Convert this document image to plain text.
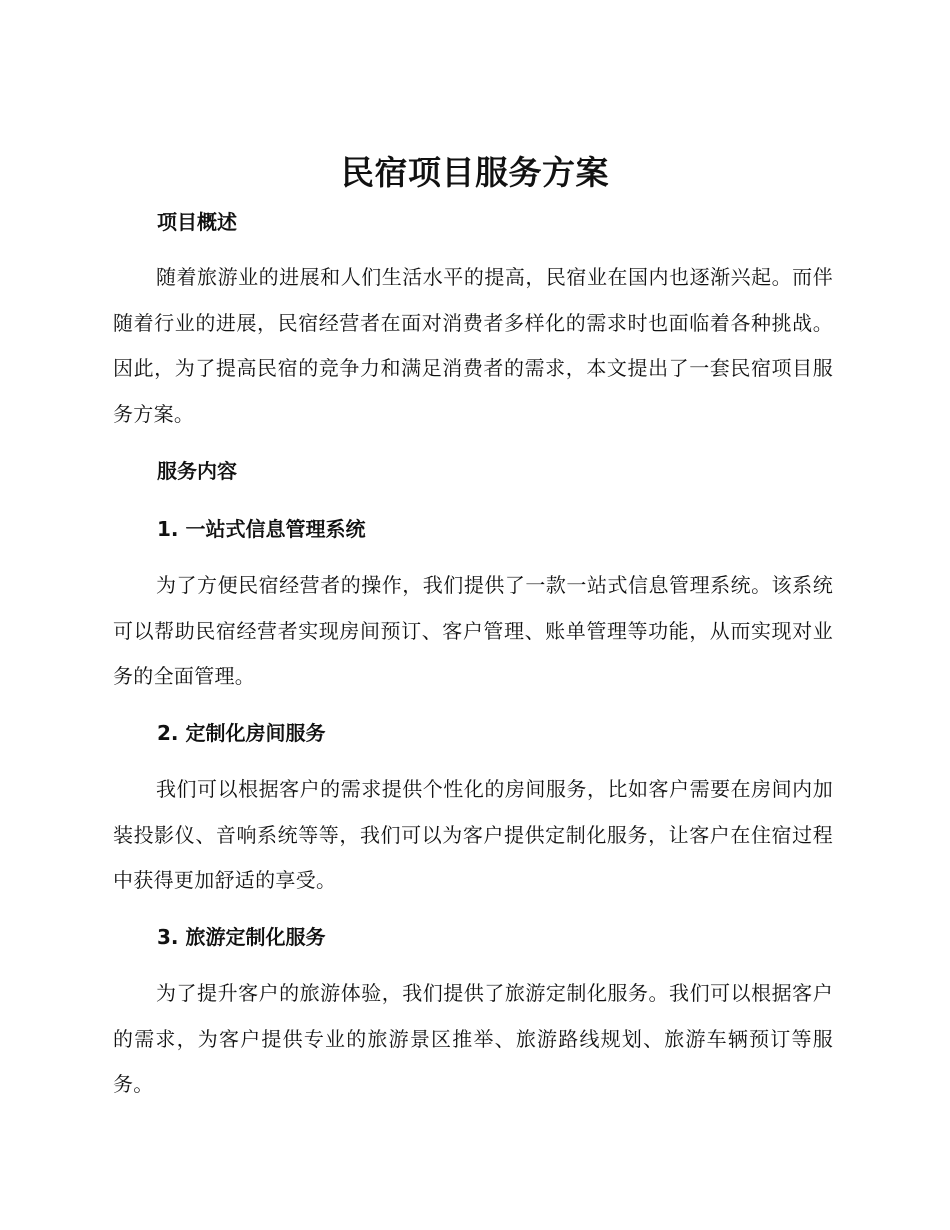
民宿项目服务方案
项目概述

随着旅游业的进展和人们生活水平的提高，民宿业在国内也逐渐兴起。而伴随着行业的进展，民宿经营者在面对消费者多样化的需求时也面临着各种挑战。因此，为了提高民宿的竞争力和满足消费者的需求，本文提出了一套民宿项目服务方案。

服务内容
1. 一站式信息管理系统

为了方便民宿经营者的操作，我们提供了一款一站式信息管理系统。该系统可以帮助民宿经营者实现房间预订、客户管理、账单管理等功能，从而实现对业务的全面管理。

2. 定制化房间服务

我们可以根据客户的需求提供个性化的房间服务，比如客户需要在房间内加装投影仪、音响系统等等，我们可以为客户提供定制化服务，让客户在住宿过程中获得更加舒适的享受。

3. 旅游定制化服务

为了提升客户的旅游体验，我们提供了旅游定制化服务。我们可以根据客户的需求，为客户提供专业的旅游景区推举、旅游路线规划、旅游车辆预订等服务。
